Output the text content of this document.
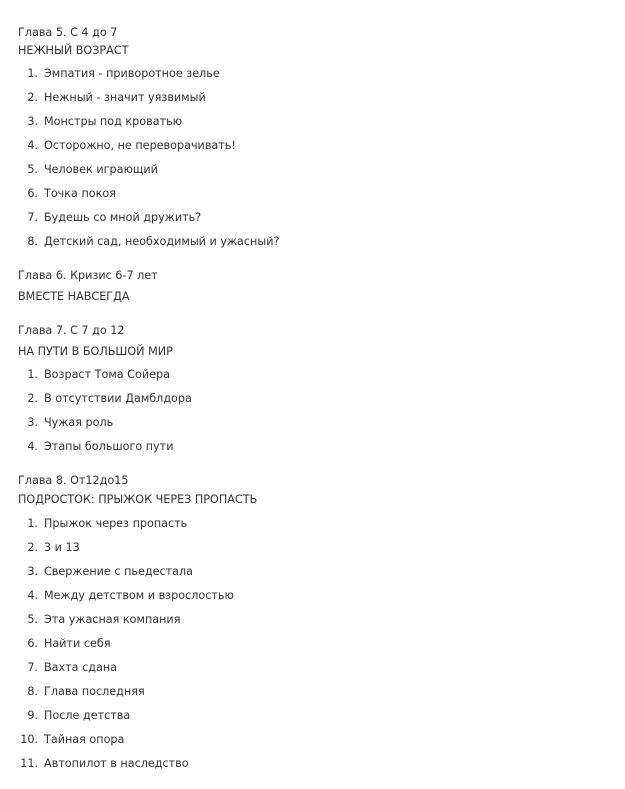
Глава 5. С 4 до 7
НЕЖНЫЙ ВОЗРАСТ
1. Эмпатия - приворотное зелье
2. Нежный - значит уязвимый
3. Монстры под кроватью
4. Осторожно, не переворачивать!
5. Человек играющий
6. Точка покоя
7. Будешь со мной дружить?
8. Детский сад, необходимый и ужасный?
Глава 6. Кризис 6-7 лет
ВМЕСТЕ НАВСЕГДА
Глава 7. С 7 до 12
НА ПУТИ В БОЛЬШОЙ МИР
1. Возраст Тома Сойера
2. В отсутствии Дамблдора
3. Чужая роль
4. Этапы большого пути
Глава 8. От12до15
ПОДРОСТОК: ПРЫЖОК ЧЕРЕЗ ПРОПАСТЬ
1. Прыжок через пропасть
2. 3 и 13
3. Свержение с пьедестала
4. Между детством и взрослостью
5. Эта ужасная компания
6. Найти себя
7. Вахта сдана
8. Глава последняя
9. После детства
10. Тайная опора
11. Автопилот в наследство
